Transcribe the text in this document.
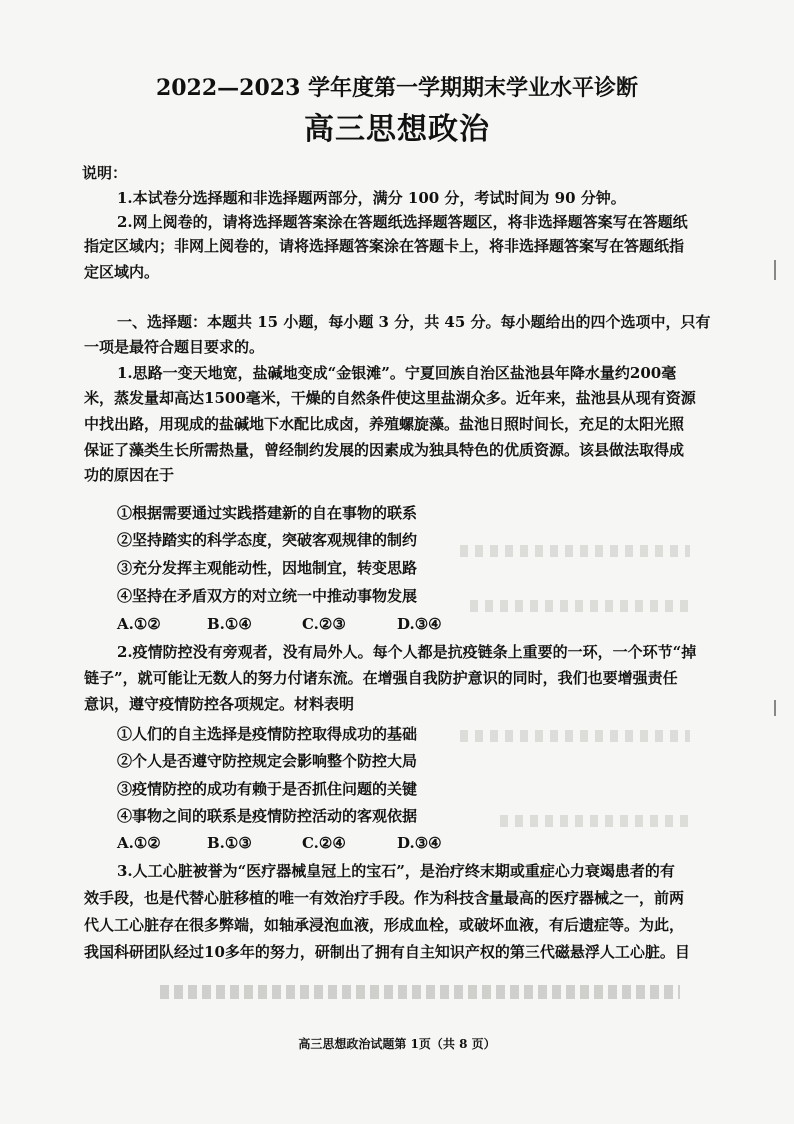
2022—2023 学年度第一学期期末学业水平诊断
高三思想政治
说明：
1.本试卷分选择题和非选择题两部分，满分 100 分，考试时间为 90 分钟。
2.网上阅卷的，请将选择题答案涂在答题纸选择题答题区，将非选择题答案写在答题纸
指定区域内；非网上阅卷的，请将选择题答案涂在答题卡上，将非选择题答案写在答题纸指
定区域内。
一、选择题：本题共 15 小题，每小题 3 分，共 45 分。每小题给出的四个选项中，只有
一项是最符合题目要求的。
1.思路一变天地宽，盐碱地变成“金银滩”。宁夏回族自治区盐池县年降水量约200毫
米，蒸发量却高达1500毫米，干燥的自然条件使这里盐湖众多。近年来，盐池县从现有资源
中找出路，用现成的盐碱地下水配比成卤，养殖螺旋藻。盐池日照时间长，充足的太阳光照
保证了藻类生长所需热量，曾经制约发展的因素成为独具特色的优质资源。该县做法取得成
功的原因在于
①根据需要通过实践搭建新的自在事物的联系
②坚持踏实的科学态度，突破客观规律的制约
③充分发挥主观能动性，因地制宜，转变思路
④坚持在矛盾双方的对立统一中推动事物发展
A.①②	B.①④	C.②③	D.③④
2.疫情防控没有旁观者，没有局外人。每个人都是抗疫链条上重要的一环，一个环节“掉
链子”，就可能让无数人的努力付诸东流。在增强自我防护意识的同时，我们也要增强责任
意识，遵守疫情防控各项规定。材料表明
①人们的自主选择是疫情防控取得成功的基础
②个人是否遵守防控规定会影响整个防控大局
③疫情防控的成功有赖于是否抓住问题的关键
④事物之间的联系是疫情防控活动的客观依据
A.①②	B.①③	C.②④	D.③④
3.人工心脏被誉为“医疗器械皇冠上的宝石”，是治疗终末期或重症心力衰竭患者的有
效手段，也是代替心脏移植的唯一有效治疗手段。作为科技含量最高的医疗器械之一，前两
代人工心脏存在很多弊端，如轴承浸泡血液，形成血栓，或破坏血液，有后遗症等。为此，
我国科研团队经过10多年的努力，研制出了拥有自主知识产权的第三代磁悬浮人工心脏。目
高三思想政治试题第 1页（共 8 页）
